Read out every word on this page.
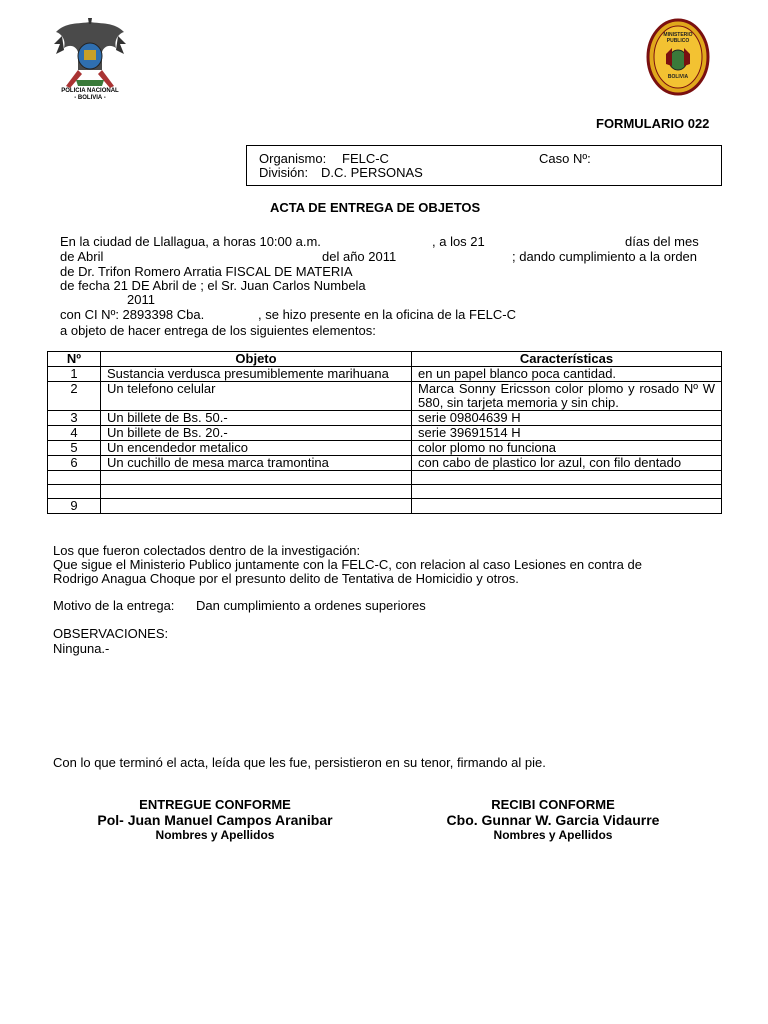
POLICIA NACIONAL
- BOLIVIA -
MINISTERIO
PUBLICO
BOLIVIA
FORMULARIO 022
Organismo: FELC-C	Caso Nº:
División: D.C. PERSONAS
ACTA DE ENTREGA DE OBJETOS
En la ciudad de Llallagua, a horas 10:00 a.m.	, a los 21	días del mes
de Abril	del año 2011	; dando cumplimiento a la orden
de Dr. Trifon Romero Arratia FISCAL DE MATERIA
de fecha 21 DE Abril de ; el Sr. Juan Carlos Numbela
2011
con CI Nº: 2893398 Cba.	, se hizo presente en la oficina de la FELC-C
a objeto de hacer entrega de los siguientes elementos:
Nº	Objeto	Características
1	Sustancia verdusca presumiblemente marihuana	en un papel blanco poca cantidad.
2	Un telefono celular	Marca Sonny Ericsson color plomo y rosado Nº W 580, sin tarjeta memoria y sin chip.

3	Un billete de Bs. 50.-	serie 09804639 H
4	Un billete de Bs. 20.-	serie 39691514 H
5	Un encendedor metalico	color plomo no funciona
6	Un cuchillo de mesa marca tramontina	con cabo de plastico lor azul, con filo dentado

9		
Los que fueron colectados dentro de la investigación:
Que sigue el Ministerio Publico juntamente con la FELC-C, con relacion al caso Lesiones en contra de
Rodrigo Anagua Choque por el presunto delito de Tentativa de Homicidio y otros.
Motivo de la entrega: Dan cumplimiento a ordenes superiores
OBSERVACIONES:
Ninguna.-
Con lo que terminó el acta, leída que les fue, persistieron en su tenor, firmando al pie.
ENTREGUE CONFORME
Pol- Juan Manuel Campos Aranibar
Nombres y Apellidos
RECIBI CONFORME
Cbo. Gunnar W. Garcia Vidaurre
Nombres y Apellidos
